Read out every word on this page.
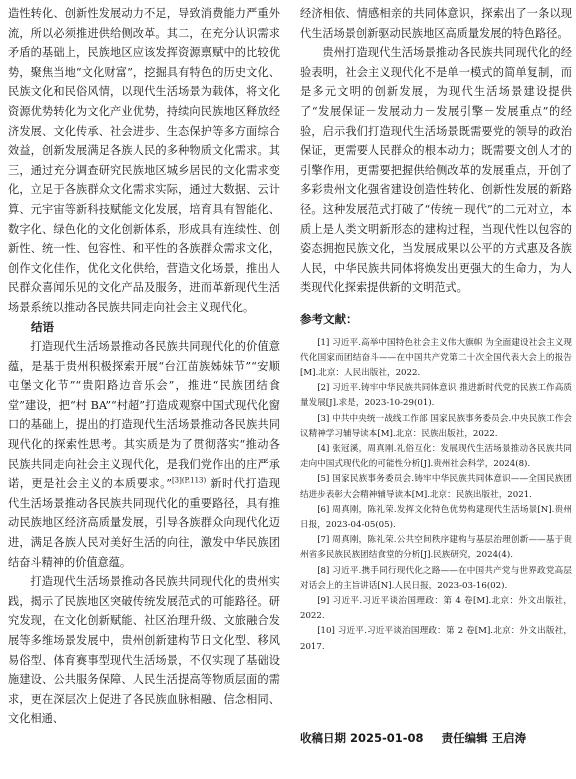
造性转化、创新性发展动力不足，导致消费能力严重外流，所以必须推进供给侧改革。其二，在充分认识需求矛盾的基础上，民族地区应该发挥资源禀赋中的比较优势，聚焦当地“文化财富”，挖掘具有特色的历史文化、民族文化和民俗风情，以现代生活场景为载体，将文化资源优势转化为文化产业优势，持续向民族地区释放经济发展、文化传承、社会进步、生态保护等多方面综合效益，创新发展满足各族人民的多种物质文化需求。其三，通过充分调查研究民族地区城乡居民的文化需求变化，立足于各族群众文化需求实际，通过大数据、云计算、元宇宙等新科技赋能文化发展，培育具有智能化、数字化、绿色化的文化创新体系，形成具有连续性、创新性、统一性、包容性、和平性的各族群众需求文化，创作文化佳作，优化文化供给，营造文化场景，推出人民群众喜闻乐见的文化产品及服务，进而革新现代生活场景系统以推动各民族共同走向社会主义现代化。

结语

打造现代生活场景推动各民族共同现代化的价值意蕴，是基于贵州积极探索开展“台江苗族姊妹节”“安顺屯堡文化节”“贵阳路边音乐会”，推进“民族团结食堂”建设，把“村 BA”“村超”打造成观察中国式现代化窗口的基础上，提出的打造现代生活场景推动各民族共同现代化的探索性思考。其实质是为了贯彻落实“推动各民族共同走向社会主义现代化，是我们党作出的庄严承诺，更是社会主义的本质要求。”$^{[3](P.113)}$ 新时代打造现代生活场景推动各民族共同现代化的重要路径，具有推动民族地区经济高质量发展，引导各族群众向现代化迈进，满足各族人民对美好生活的向往，激发中华民族团结奋斗精神的价值意蕴。

打造现代生活场景推动各民族共同现代化的贵州实践，揭示了民族地区突破传统发展范式的可能路径。研究发现，在文化创新赋能、社区治理升级、文旅融合发展等多维场景发展中，贵州创新建构节日文化型、移风易俗型、体育赛事型现代生活场景，不仅实现了基础设施建设、公共服务保障、人民生活提高等物质层面的需求，更在深层次上促进了各民族血脉相融、信念相同、文化相通、

经济相依、情感相亲的共同体意识，探索出了一条以现代生活场景创新驱动民族地区高质量发展的特色路径。

贵州打造现代生活场景推动各民族共同现代化的经验表明，社会主义现代化不是单一模式的简单复制，而是多元文明的创新发展，为现代生活场景建设提供了“发展保证－发展动力－发展引擎－发展重点”的经验，启示我们打造现代生活场景既需要党的领导的政治保证，更需要人民群众的根本动力；既需要文创人才的引擎作用，更需要把握供给侧改革的发展重点，开创了多彩贵州文化强省建设创造性转化、创新性发展的新路径。这种发展范式打破了“传统－现代”的二元对立，本质上是人类文明新形态的建构过程，当现代性以包容的姿态拥抱民族文化，当发展成果以公平的方式惠及各族人民，中华民族共同体将焕发出更强大的生命力，为人类现代化探索提供新的文明范式。

参考文献：

[1] 习近平.高举中国特色社会主义伟大旗帜 为全面建设社会主义现代化国家而团结奋斗——在中国共产党第二十次全国代表大会上的报告[M].北京：人民出版社，2022.

[2] 习近平.铸牢中华民族共同体意识 推进新时代党的民族工作高质量发展[J].求是，2023-10-29(01).

[3] 中共中央统一战线工作部 国家民族事务委员会.中央民族工作会议精神学习辅导读本[M].北京：民族出版社，2022.

[4] 张冠溪，周真刚.礼俗互化：发展现代生活场景推动各民族共同走向中国式现代化的可能性分析[J].贵州社会科学，2024(8).

[5] 国家民族事务委员会.铸牢中华民族共同体意识——全国民族团结进步表彰大会精神辅导读本[M].北京：民族出版社，2021.

[6] 周真刚，陈礼荣.发挥文化特色优势构建现代生活场景[N].贵州日报，2023-04-05(05).

[7] 周真刚，陈礼荣.公共空间秩序建构与基层治理创新——基于贵州省多民族民族团结食堂的分析[J].民族研究，2024(4).

[8] 习近平.携手同行现代化之路——在中国共产党与世界政党高层对话会上的主旨讲话[N].人民日报，2023-03-16(02).

[9] 习近平.习近平谈治国理政：第 4 卷[M].北京：外文出版社，2022.

[10] 习近平.习近平谈治国理政：第 2 卷[M].北京：外文出版社，2017.

收稿日期 2025-01-08 责任编辑 王启涛
